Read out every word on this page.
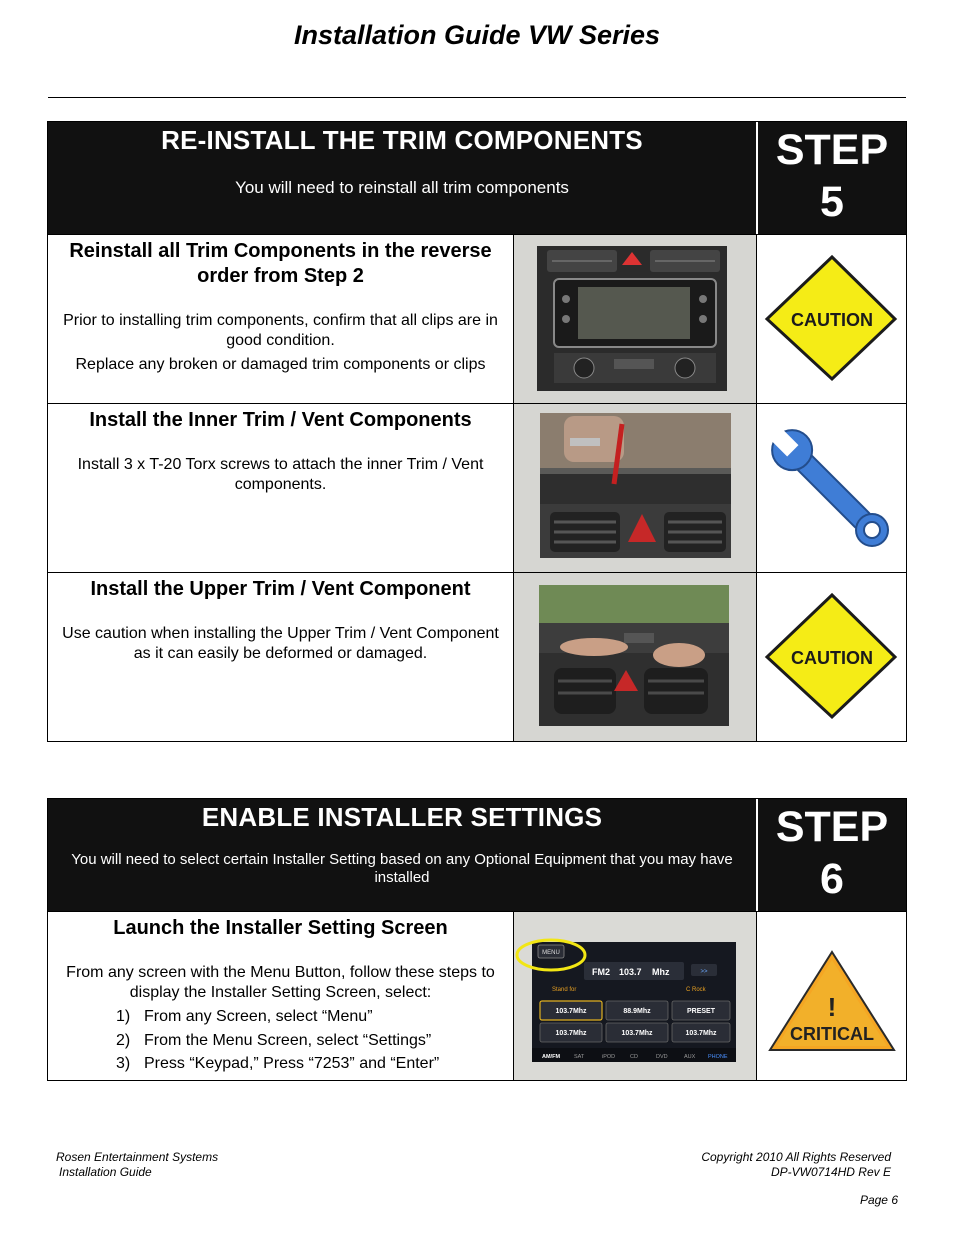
Installation Guide VW Series
RE-INSTALL THE TRIM COMPONENTS

You will need to reinstall all trim components

STEP
5
Reinstall all Trim Components in the reverse order from Step 2

Prior to installing trim components, confirm that all clips are in good condition.

Replace any broken or damaged trim components or clips

CAUTION
Install the Inner Trim / Vent Components

Install 3 x T-20 Torx screws to attach the inner Trim / Vent components.

Install the Upper Trim / Vent Component

Use caution when installing the Upper Trim / Vent Component as it can easily be deformed or damaged.	CAUTION
ENABLE INSTALLER SETTINGS

You will need to select certain Installer Setting based on any Optional Equipment that you may have installed

STEP
6
Launch the Installer Setting Screen

From any screen with the Menu Button, follow these steps to display the Installer Setting Screen, select:

1) From any Screen, select “Menu”
2) From the Menu Screen, select “Settings”
3) Press “Keypad,” Press “7253” and “Enter”
MENU
FM2 103.7 Mhz	>>
Stand for	C Rock
103.7Mhz	88.9Mhz	PRESET
103.7Mhz	103.7Mhz	103.7Mhz
AM/FM	SAT	iPOD	CD	DVD	AUX PHONE
!
CRITICAL
Rosen Entertainment Systems
Installation Guide
Copyright 2010 All Rights Reserved
DP-VW0714HD Rev E
Page 6
